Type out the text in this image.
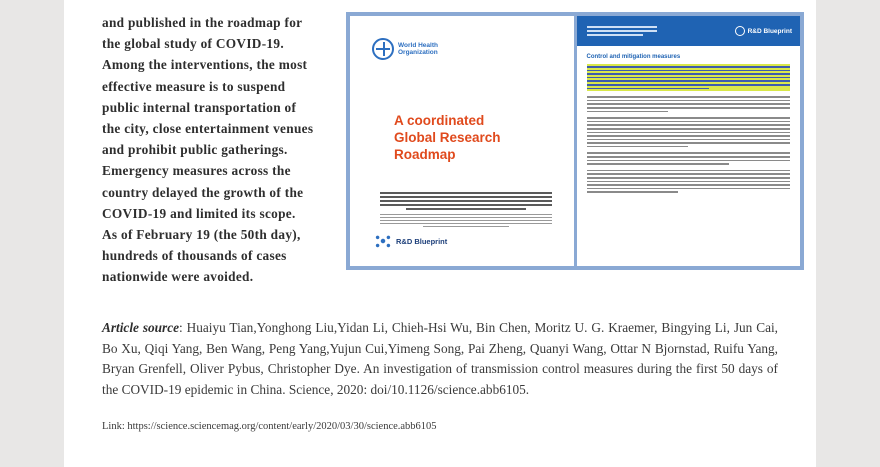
and published in the roadmap for
the global study of COVID-19.
Among the interventions, the most
effective measure is to suspend
public internal transportation of
the city, close entertainment venues
and prohibit public gatherings.
Emergency measures across the
country delayed the growth of the
COVID-19 and limited its scope.
As of February 19 (the 50th day),
hundreds of thousands of cases
nationwide were avoided.
World Health
Organization
A coordinated
Global Research
Roadmap
R&D Blueprint
R&D Blueprint
Control and mitigation measures

Article source: Huaiyu Tian,Yonghong Liu,Yidan Li, Chieh-Hsi Wu, Bin Chen, Moritz U. G. Kraemer, Bingying Li, Jun Cai, Bo Xu, Qiqi Yang, Ben Wang, Peng Yang,Yujun Cui,Yimeng Song, Pai Zheng, Quanyi Wang, Ottar N Bjornstad, Ruifu Yang, Bryan Grenfell, Oliver Pybus, Christopher Dye. An investigation of transmission control measures during the first 50 days of the COVID-19 epidemic in China. Science, 2020: doi/10.1126/science.abb6105.

Link: https://science.sciencemag.org/content/early/2020/03/30/science.abb6105
